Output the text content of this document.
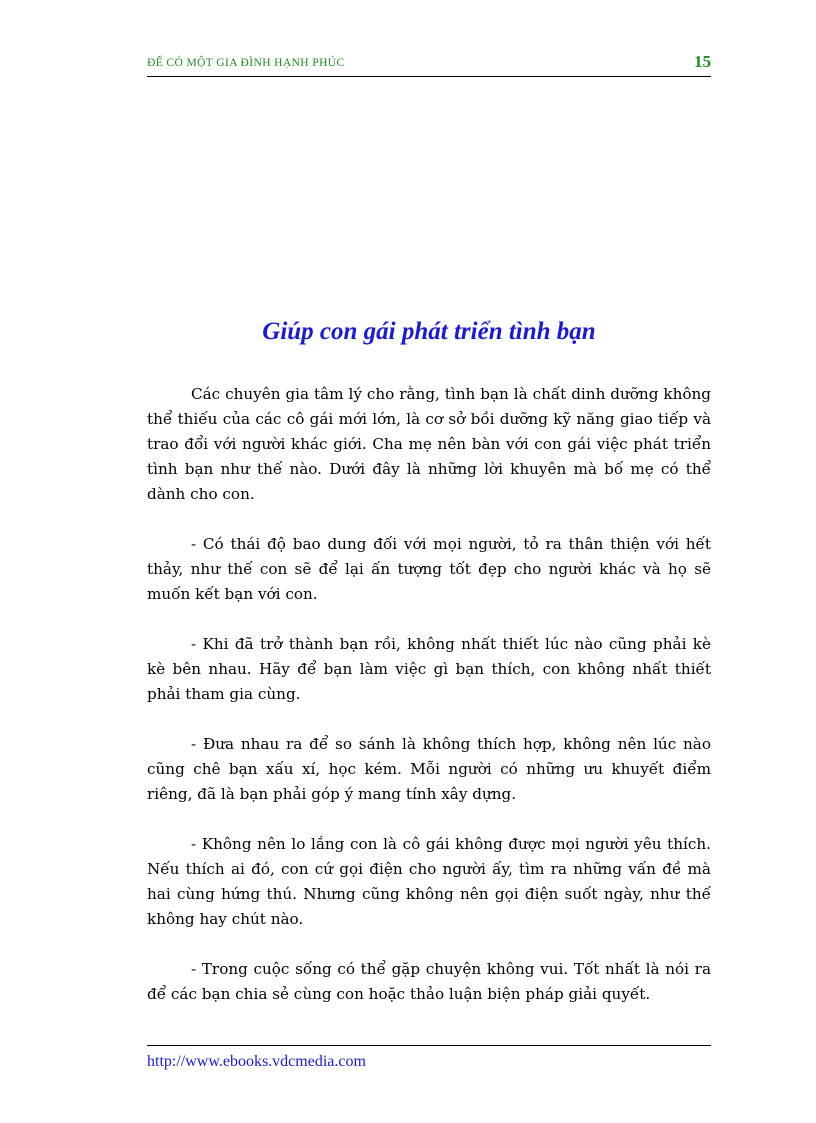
ĐỂ CÓ MỘT GIA ĐÌNH HẠNH PHÚC	15
Giúp con gái phát triển tình bạn

Các chuyên gia tâm lý cho rằng, tình bạn là chất dinh dưỡng không thể thiếu của các cô gái mới lớn, là cơ sở bồi dưỡng kỹ năng giao tiếp và trao đổi với người khác giới. Cha mẹ nên bàn với con gái việc phát triển tình bạn như thế nào. Dưới đây là những lời khuyên mà bố mẹ có thể dành cho con.

- Có thái độ bao dung đối với mọi người, tỏ ra thân thiện với hết thảy, như thế con sẽ để lại ấn tượng tốt đẹp cho người khác và họ sẽ muốn kết bạn với con.

- Khi đã trở thành bạn rồi, không nhất thiết lúc nào cũng phải kè kè bên nhau. Hãy để bạn làm việc gì bạn thích, con không nhất thiết phải tham gia cùng.

- Đưa nhau ra để so sánh là không thích hợp, không nên lúc nào cũng chê bạn xấu xí, học kém. Mỗi người có những ưu khuyết điểm riêng, đã là bạn phải góp ý mang tính xây dựng.

- Không nên lo lắng con là cô gái không được mọi người yêu thích. Nếu thích ai đó, con cứ gọi điện cho người ấy, tìm ra những vấn đề mà hai cùng hứng thú. Nhưng cũng không nên gọi điện suốt ngày, như thế không hay chút nào.

- Trong cuộc sống có thể gặp chuyện không vui. Tốt nhất là nói ra để các bạn chia sẻ cùng con hoặc thảo luận biện pháp giải quyết.

http://www.ebooks.vdcmedia.com
